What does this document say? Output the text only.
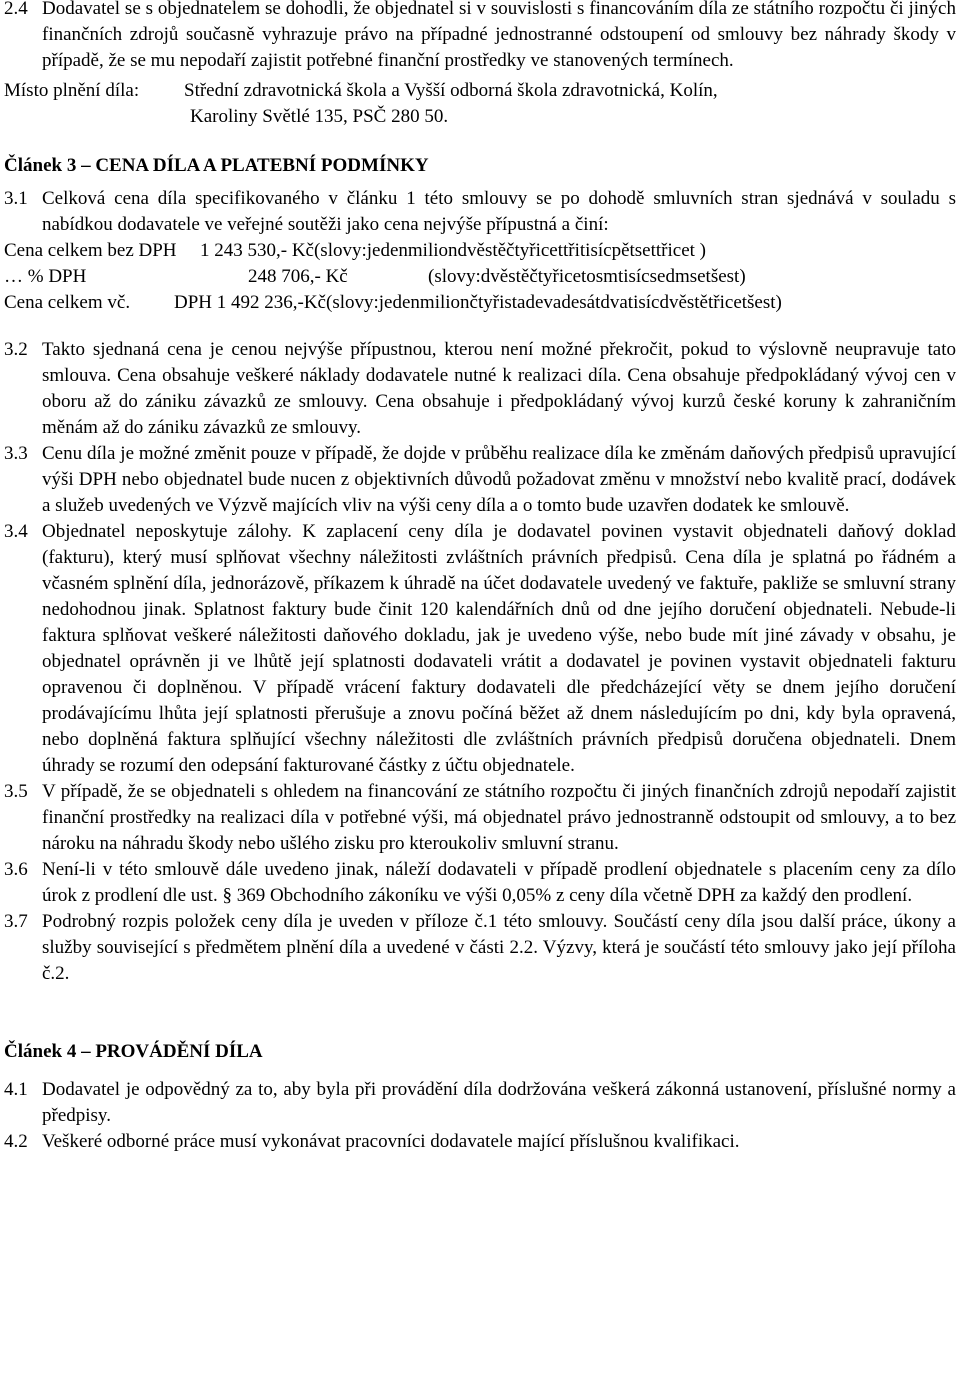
2.4 Dodavatel se s objednatelem se dohodli, že objednatel si v souvislosti s financováním díla ze státního rozpočtu či jiných finančních zdrojů současně vyhrazuje právo na případné jednostranné odstoupení od smlouvy bez náhrady škody v případě, že se mu nepodaří zajistit potřebné finanční prostředky ve stanovených termínech.
Místo plnění díla: Střední zdravotnická škola a Vyšší odborná škola zdravotnická, Kolín,
Karoliny Světlé 135, PSČ 280 50.
Článek 3 – CENA DÍLA A PLATEBNÍ PODMÍNKY
3.1 Celková cena díla specifikovaného v článku 1 této smlouvy se po dohodě smluvních stran sjednává v souladu s nabídkou dodavatele ve veřejné soutěži jako cena nejvýše přípustná a činí:
Cena celkem bez DPH 1 243 530,- Kč(slovy:jedenmiliondvěstěčtyřicettřitisícpětsettřicet )
… % DPH	248 706,- Kč	(slovy:dvěstěčtyřicetosmtisícsedmsetšest)
Cena celkem vč. DPH 1 492 236,-Kč(slovy:jedenmiliončtyřistadevadesátdvatisícdvěstětřicetšest)
3.2 Takto sjednaná cena je cenou nejvýše přípustnou, kterou není možné překročit, pokud to výslovně neupravuje tato smlouva. Cena obsahuje veškeré náklady dodavatele nutné k realizaci díla. Cena obsahuje předpokládaný vývoj cen v oboru až do zániku závazků ze smlouvy. Cena obsahuje i předpokládaný vývoj kurzů české koruny k zahraničním měnám až do zániku závazků ze smlouvy.
3.3 Cenu díla je možné změnit pouze v případě, že dojde v průběhu realizace díla ke změnám daňových předpisů upravující výši DPH nebo objednatel bude nucen z objektivních důvodů požadovat změnu v množství nebo kvalitě prací, dodávek a služeb uvedených ve Výzvě majících vliv na výši ceny díla a o tomto bude uzavřen dodatek ke smlouvě.
3.4 Objednatel neposkytuje zálohy. K zaplacení ceny díla je dodavatel povinen vystavit objednateli daňový doklad (fakturu), který musí splňovat všechny náležitosti zvláštních právních předpisů. Cena díla je splatná po řádném a včasném splnění díla, jednorázově, příkazem k úhradě na účet dodavatele uvedený ve faktuře, pakliže se smluvní strany nedohodnou jinak. Splatnost faktury bude činit 120 kalendářních dnů od dne jejího doručení objednateli. Nebude-li faktura splňovat veškeré náležitosti daňového dokladu, jak je uvedeno výše, nebo bude mít jiné závady v obsahu, je objednatel oprávněn ji ve lhůtě její splatnosti dodavateli vrátit a dodavatel je povinen vystavit objednateli fakturu opravenou či doplněnou. V případě vrácení faktury dodavateli dle předcházející věty se dnem jejího doručení prodávajícímu lhůta její splatnosti přerušuje a znovu počíná běžet až dnem následujícím po dni, kdy byla opravená, nebo doplněná faktura splňující všechny náležitosti dle zvláštních právních předpisů doručena objednateli. Dnem úhrady se rozumí den odepsání fakturované částky z účtu objednatele.
3.5 V případě, že se objednateli s ohledem na financování ze státního rozpočtu či jiných finančních zdrojů nepodaří zajistit finanční prostředky na realizaci díla v potřebné výši, má objednatel právo jednostranně odstoupit od smlouvy, a to bez nároku na náhradu škody nebo ušlého zisku pro kteroukoliv smluvní stranu.
3.6 Není-li v této smlouvě dále uvedeno jinak, náleží dodavateli v případě prodlení objednatele s placením ceny za dílo úrok z prodlení dle ust. § 369 Obchodního zákoníku ve výši 0,05% z ceny díla včetně DPH za každý den prodlení.
3.7 Podrobný rozpis položek ceny díla je uveden v příloze č.1 této smlouvy. Součástí ceny díla jsou další práce, úkony a služby související s předmětem plnění díla a uvedené v části 2.2. Výzvy, která je součástí této smlouvy jako její příloha č.2.
Článek 4 – PROVÁDĚNÍ DÍLA
4.1 Dodavatel je odpovědný za to, aby byla při provádění díla dodržována veškerá zákonná ustanovení, příslušné normy a předpisy.
4.2 Veškeré odborné práce musí vykonávat pracovníci dodavatele mající příslušnou kvalifikaci.
